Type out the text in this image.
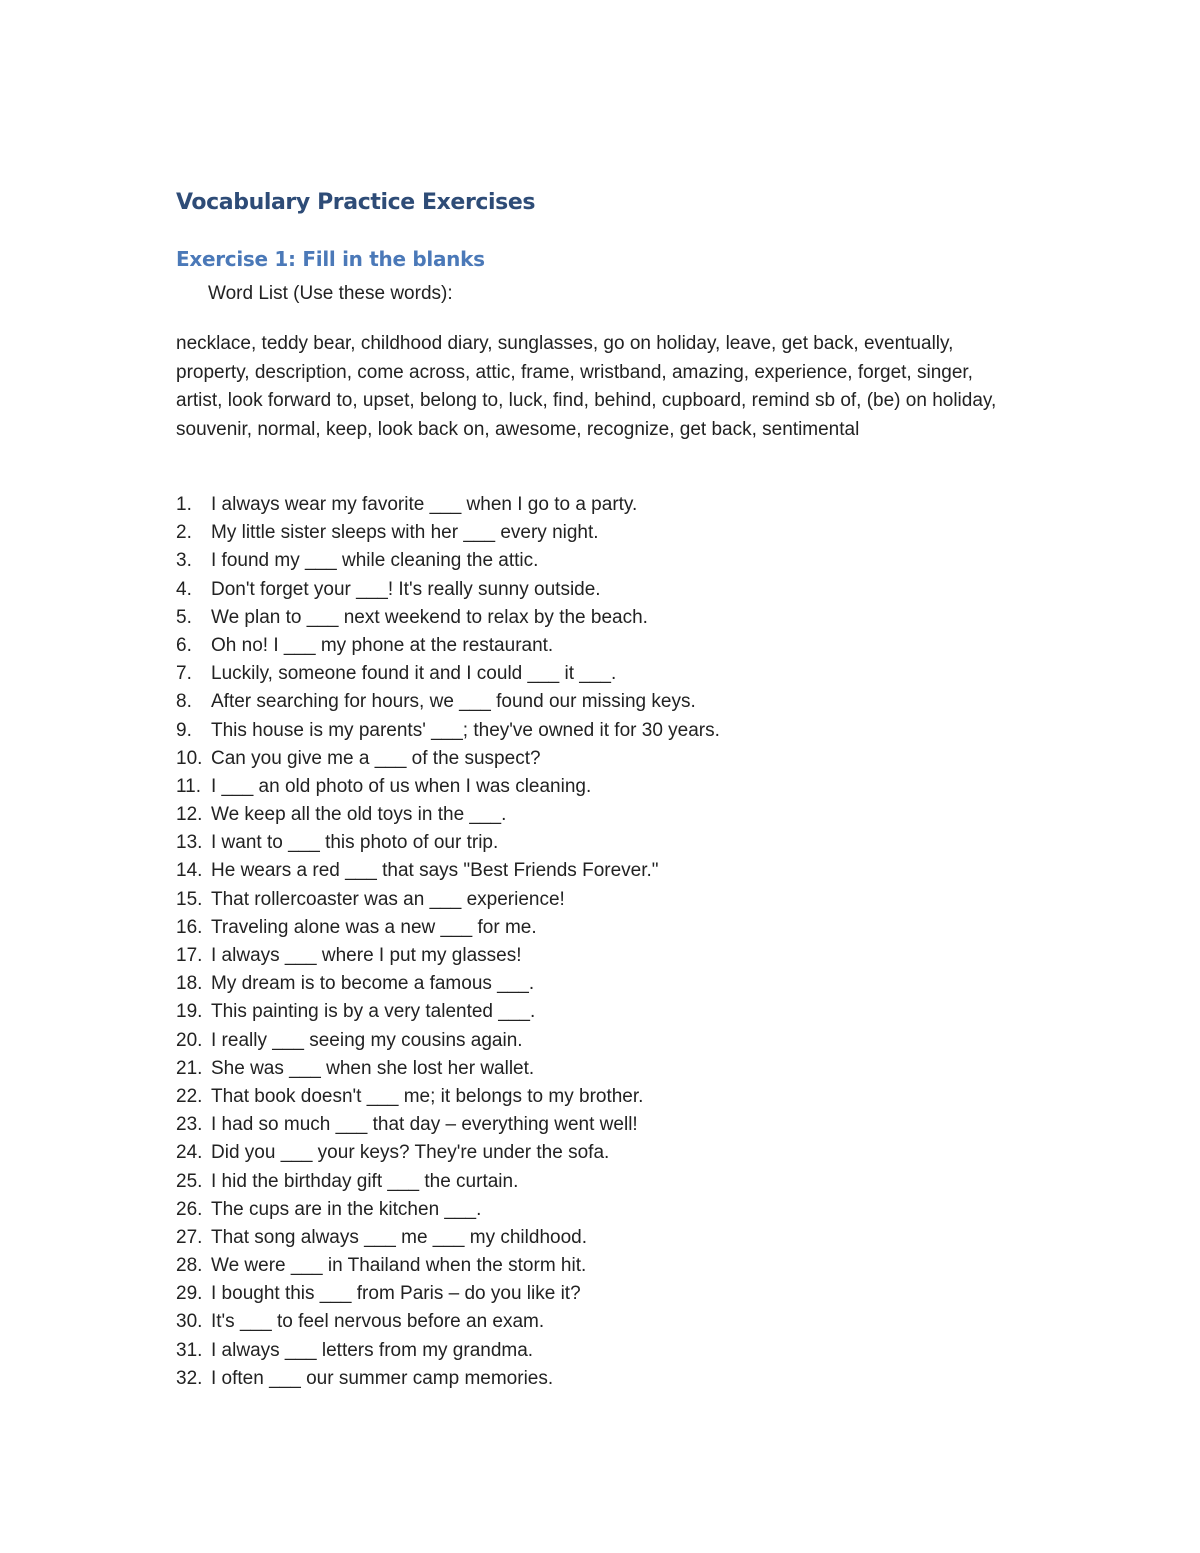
Vocabulary Practice Exercises
Exercise 1: Fill in the blanks
Word List (Use these words):

necklace, teddy bear, childhood diary, sunglasses, go on holiday, leave, get back, eventually, property, description, come across, attic, frame, wristband, amazing, experience, forget, singer, artist, look forward to, upset, belong to, luck, find, behind, cupboard, remind sb of, (be) on holiday, souvenir, normal, keep, look back on, awesome, recognize, get back, sentimental

1.	I always wear my favorite ___ when I go to a party.
2.	My little sister sleeps with her ___ every night.
3.	I found my ___ while cleaning the attic.
4.	Don't forget your ___! It's really sunny outside.
5.	We plan to ___ next weekend to relax by the beach.
6.	Oh no! I ___ my phone at the restaurant.
7.	Luckily, someone found it and I could ___ it ___.
8.	After searching for hours, we ___ found our missing keys.
9.	This house is my parents' ___; they've owned it for 30 years.
10. Can you give me a ___ of the suspect?
11. I ___ an old photo of us when I was cleaning.
12. We keep all the old toys in the ___.
13. I want to ___ this photo of our trip.
14. He wears a red ___ that says "Best Friends Forever."
15. That rollercoaster was an ___ experience!
16. Traveling alone was a new ___ for me.
17. I always ___ where I put my glasses!
18. My dream is to become a famous ___.
19. This painting is by a very talented ___.
20. I really ___ seeing my cousins again.
21. She was ___ when she lost her wallet.
22. That book doesn't ___ me; it belongs to my brother.
23. I had so much ___ that day – everything went well!
24. Did you ___ your keys? They're under the sofa.
25. I hid the birthday gift ___ the curtain.
26. The cups are in the kitchen ___.
27. That song always ___ me ___ my childhood.
28. We were ___ in Thailand when the storm hit.
29. I bought this ___ from Paris – do you like it?
30. It's ___ to feel nervous before an exam.
31. I always ___ letters from my grandma.
32. I often ___ our summer camp memories.
